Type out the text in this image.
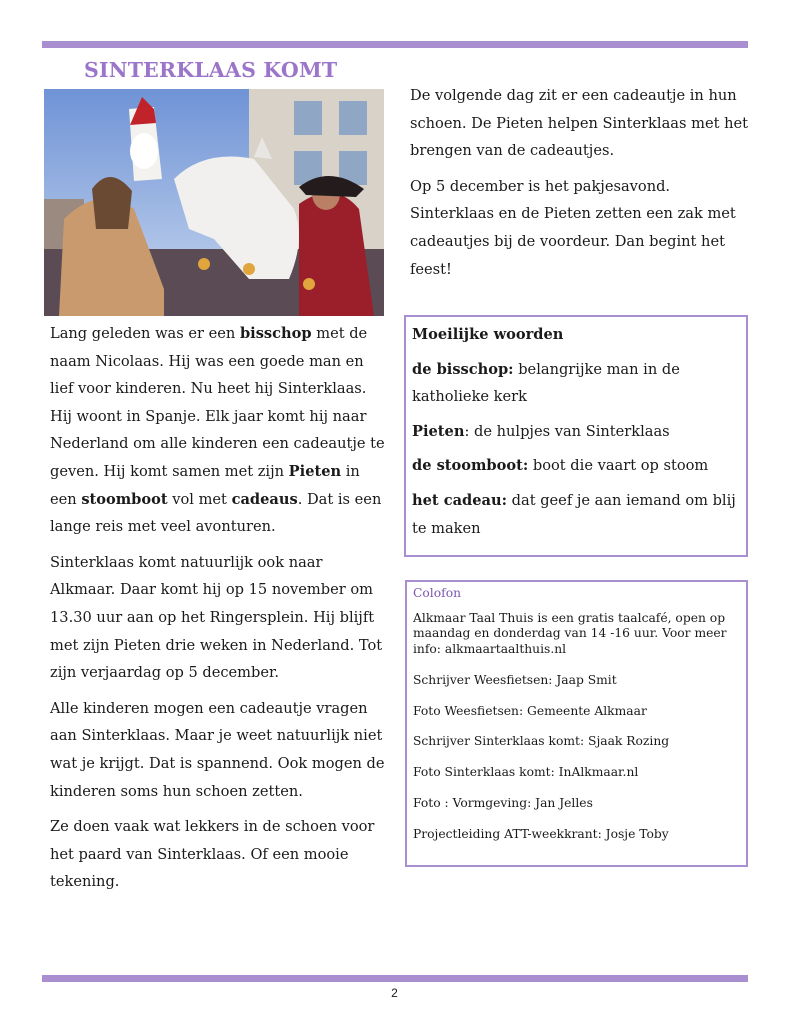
SINTERKLAAS KOMT

Lang geleden was er een bisschop met de naam Nicolaas. Hij was een goede man en lief voor kinderen. Nu heet hij Sinterklaas. Hij woont in Spanje. Elk jaar komt hij naar Nederland om alle kinderen een cadeautje te geven. Hij komt samen met zijn Pieten in een stoomboot vol met cadeaus. Dat is een lange reis met veel avonturen.

Sinterklaas komt natuurlijk ook naar Alkmaar. Daar komt hij op 15 november om 13.30 uur aan op het Ringersplein. Hij blijft met zijn Pieten drie weken in Nederland. Tot zijn verjaardag op 5 december.

Alle kinderen mogen een cadeautje vragen aan Sinterklaas. Maar je weet natuurlijk niet wat je krijgt. Dat is spannend. Ook mogen de kinderen soms hun schoen zetten.

Ze doen vaak wat lekkers in de schoen voor het paard van Sinterklaas. Of een mooie tekening.

De volgende dag zit er een cadeautje in hun schoen. De Pieten helpen Sinterklaas met het brengen van de cadeautjes.

Op 5 december is het pakjesavond. Sinterklaas en de Pieten zetten een zak met cadeautjes bij de voordeur. Dan begint het feest!

Moeilijke woorden

de bisschop: belangrijke man in de katholieke kerk

Pieten: de hulpjes van Sinterklaas

de stoomboot: boot die vaart op stoom

het cadeau: dat geef je aan iemand om blij te maken

Colofon

Alkmaar Taal Thuis is een gratis taalcafé, open op maandag en donderdag van 14 -16 uur. Voor meer info: alkmaartaalthuis.nl

Schrijver Weesfietsen: Jaap Smit

Foto Weesfietsen: Gemeente Alkmaar

Schrijver Sinterklaas komt: Sjaak Rozing

Foto Sinterklaas komt: InAlkmaar.nl

Foto : Vormgeving: Jan Jelles

Projectleiding ATT-weekkrant: Josje Toby

2
